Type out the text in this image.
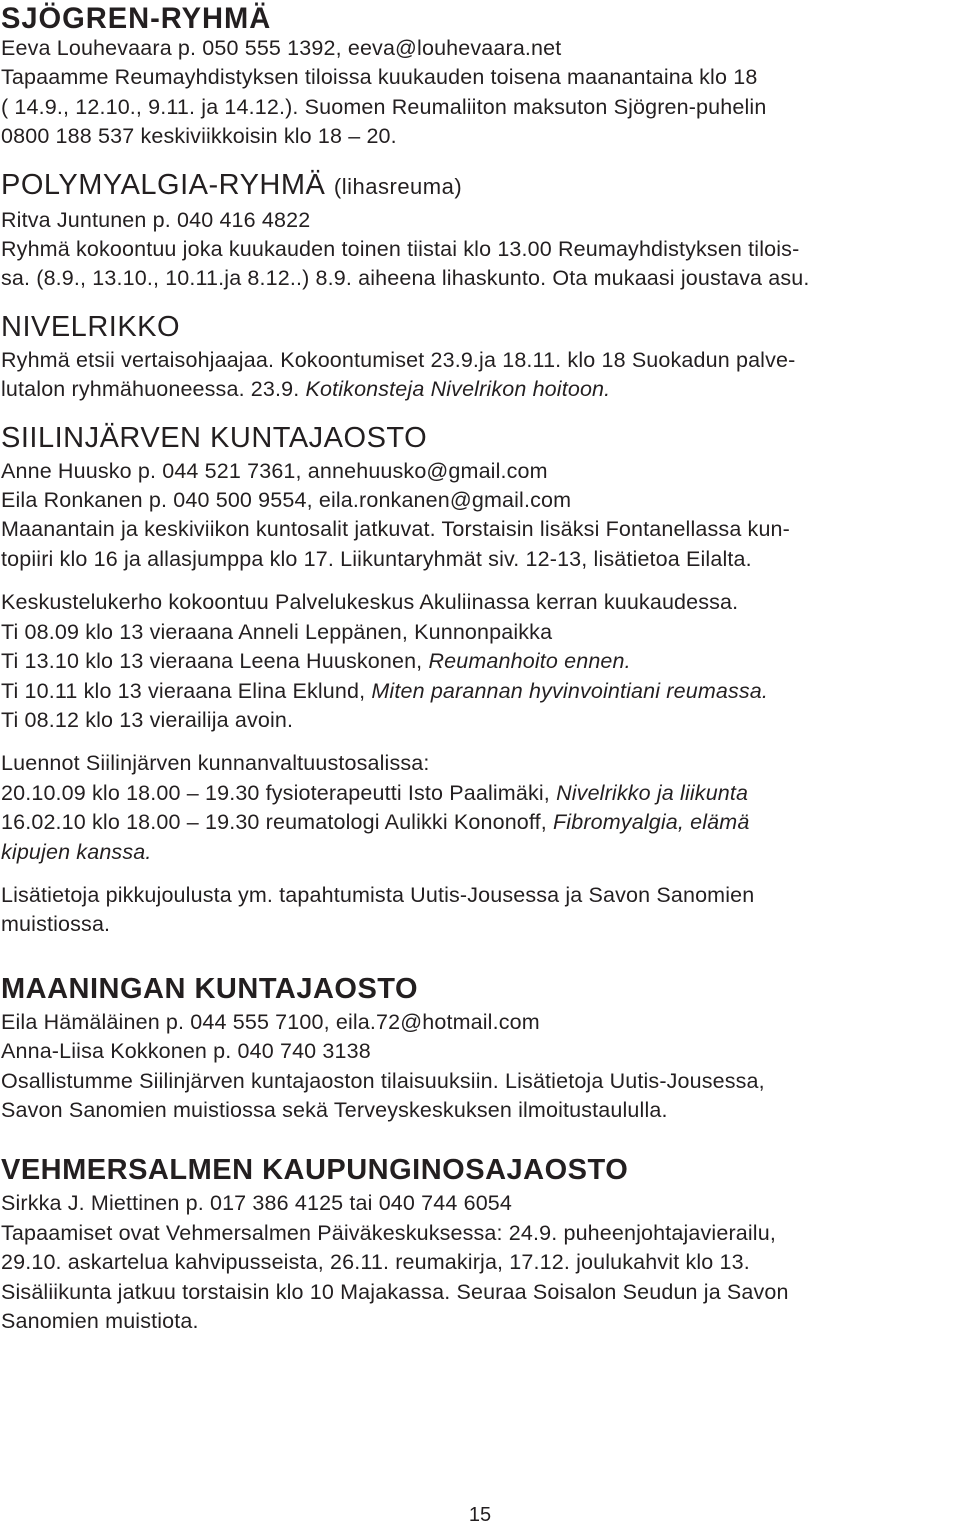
SJÖGREN-RYHMÄ

Eeva Louhevaara p. 050 555 1392, eeva@louhevaara.net

Tapaamme Reumayhdistyksen tiloissa kuukauden toisena maanantaina klo 18

( 14.9., 12.10., 9.11. ja 14.12.). Suomen Reumaliiton maksuton Sjögren-puhelin

0800 188 537 keskiviikkoisin klo 18 – 20.

POLYMYALGIA-RYHMÄ (lihasreuma)

Ritva Juntunen p. 040 416 4822

Ryhmä kokoontuu joka kuukauden toinen tiistai klo 13.00 Reumayhdistyksen tilois-

sa. (8.9., 13.10., 10.11.ja 8.12..) 8.9. aiheena lihaskunto. Ota mukaasi joustava asu.

NIVELRIKKO

Ryhmä etsii vertaisohjaajaa. Kokoontumiset 23.9.ja 18.11. klo 18 Suokadun palve-

lutalon ryhmähuoneessa. 23.9. Kotikonsteja Nivelrikon hoitoon.

SIILINJÄRVEN KUNTAJAOSTO

Anne Huusko p. 044 521 7361, annehuusko@gmail.com

Eila Ronkanen p. 040 500 9554, eila.ronkanen@gmail.com

Maanantain ja keskiviikon kuntosalit jatkuvat. Torstaisin lisäksi Fontanellassa kun-

topiiri klo 16 ja allasjumppa klo 17. Liikuntaryhmät siv. 12-13, lisätietoa Eilalta.

Keskustelukerho kokoontuu Palvelukeskus Akuliinassa kerran kuukaudessa.

Ti 08.09 klo 13 vieraana Anneli Leppänen, Kunnonpaikka

Ti 13.10 klo 13 vieraana Leena Huuskonen, Reumanhoito ennen.

Ti 10.11 klo 13 vieraana Elina Eklund, Miten parannan hyvinvointiani reumassa.

Ti 08.12 klo 13 vierailija avoin.

Luennot Siilinjärven kunnanvaltuustosalissa:

20.10.09 klo 18.00 – 19.30 fysioterapeutti Isto Paalimäki, Nivelrikko ja liikunta

16.02.10 klo 18.00 – 19.30 reumatologi Aulikki Kononoff, Fibromyalgia, elämä

kipujen kanssa.

Lisätietoja pikkujoulusta ym. tapahtumista Uutis-Jousessa ja Savon Sanomien

muistiossa.

MAANINGAN KUNTAJAOSTO

Eila Hämäläinen p. 044 555 7100, eila.72@hotmail.com

Anna-Liisa Kokkonen p. 040 740 3138

Osallistumme Siilinjärven kuntajaoston tilaisuuksiin. Lisätietoja Uutis-Jousessa,

Savon Sanomien muistiossa sekä Terveyskeskuksen ilmoitustaululla.

VEHMERSALMEN KAUPUNGINOSAJAOSTO

Sirkka J. Miettinen p. 017 386 4125 tai 040 744 6054

Tapaamiset ovat Vehmersalmen Päiväkeskuksessa: 24.9. puheenjohtajavierailu,

29.10. askartelua kahvipusseista, 26.11. reumakirja, 17.12. joulukahvit klo 13.

Sisäliikunta jatkuu torstaisin klo 10 Majakassa. Seuraa Soisalon Seudun ja Savon

Sanomien muistiota.

15
